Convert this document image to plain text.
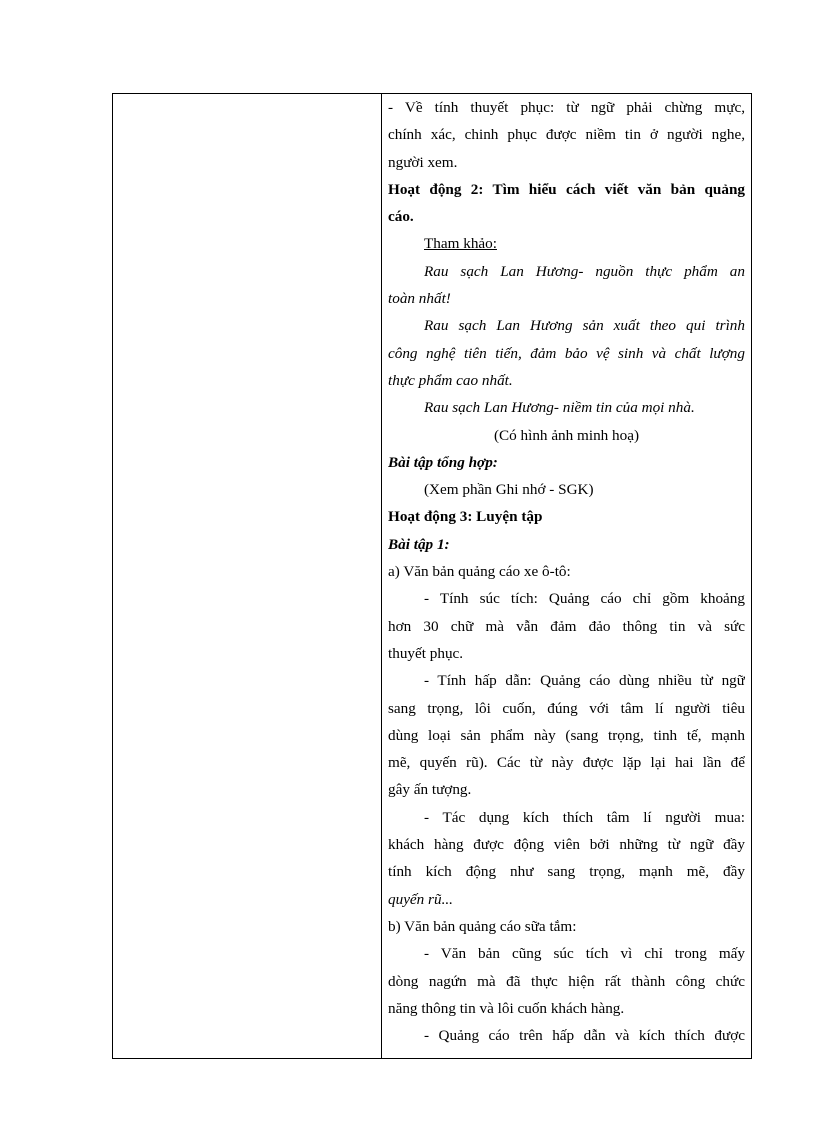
- Về tính thuyết phục: từ ngữ phải chừng mực,
chính xác, chinh phục được niềm tin ở người nghe,
người xem.
Hoạt động 2: Tìm hiểu cách viết văn bản quảng
cáo.
Tham khảo:
Rau sạch Lan Hương- nguồn thực phẩm an
toàn nhất!
Rau sạch Lan Hương sản xuất theo qui trình
công nghệ tiên tiến, đảm bảo vệ sinh và chất lượng
thực phẩm cao nhất.
Rau sạch Lan Hương- niềm tin của mọi nhà.
(Có hình ảnh minh hoạ)
Bài tập tổng hợp:
(Xem phần Ghi nhớ - SGK)
Hoạt động 3: Luyện tập
Bài tập 1:
a) Văn bản quảng cáo xe ô-tô:
- Tính súc tích: Quảng cáo chỉ gồm khoảng
hơn 30 chữ mà vẫn đảm đảo thông tin và sức
thuyết phục.
- Tính hấp dẫn: Quảng cáo dùng nhiều từ ngữ
sang trọng, lôi cuốn, đúng với tâm lí người tiêu
dùng loại sản phẩm này (sang trọng, tinh tế, mạnh
mẽ, quyến rũ). Các từ này được lặp lại hai lần để
gây ấn tượng.
- Tác dụng kích thích tâm lí người mua:
khách hàng được động viên bởi những từ ngữ đầy
tính kích động như sang trọng, mạnh mẽ, đầy
quyến rũ...
b) Văn bản quảng cáo sữa tắm:
- Văn bản cũng súc tích vì chỉ trong mấy
dòng nagứn mà đã thực hiện rất thành công chức
năng thông tin và lôi cuốn khách hàng.
- Quảng cáo trên hấp dẫn và kích thích được
